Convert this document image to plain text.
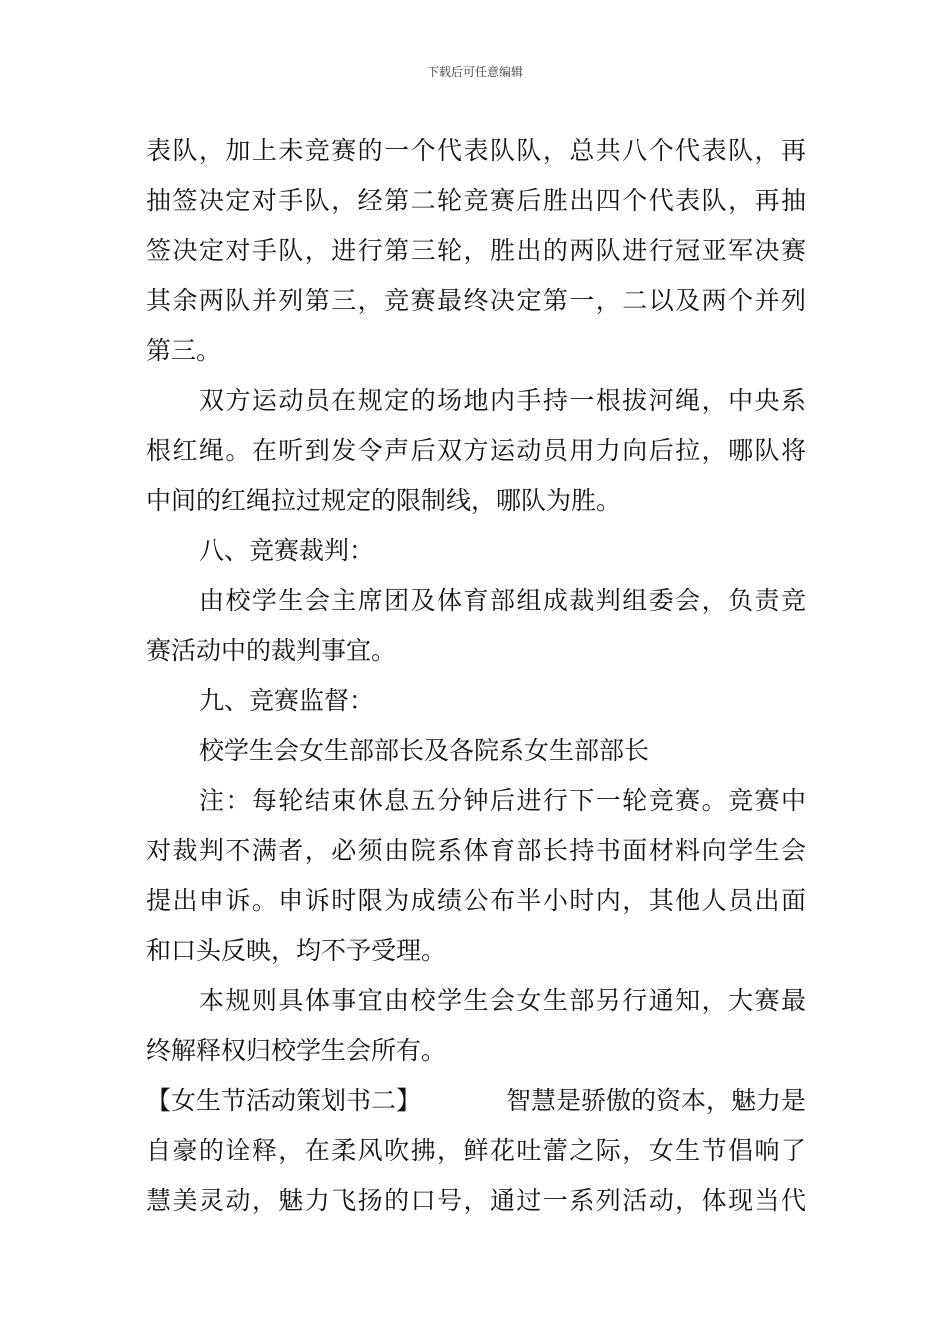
下载后可任意编辑
表队，加上未竞赛的一个代表队队，总共八个代表队，再
抽签决定对手队，经第二轮竞赛后胜出四个代表队，再抽
签决定对手队，进行第三轮，胜出的两队进行冠亚军决赛
其余两队并列第三，竞赛最终决定第一，二以及两个并列
第三。
双方运动员在规定的场地内手持一根拔河绳，中央系
根红绳。在听到发令声后双方运动员用力向后拉，哪队将
中间的红绳拉过规定的限制线，哪队为胜。
八、竞赛裁判：
由校学生会主席团及体育部组成裁判组委会，负责竞
赛活动中的裁判事宜。
九、竞赛监督：
校学生会女生部部长及各院系女生部部长
注：每轮结束休息五分钟后进行下一轮竞赛。竞赛中
对裁判不满者，必须由院系体育部长持书面材料向学生会
提出申诉。申诉时限为成绩公布半小时内，其他人员出面
和口头反映，均不予受理。
本规则具体事宜由校学生会女生部另行通知，大赛最
终解释权归校学生会所有。
【女生节活动策划书二】	智慧是骄傲的资本，魅力是
自豪的诠释，在柔风吹拂，鲜花吐蕾之际，女生节倡响了
慧美灵动，魅力飞扬的口号，通过一系列活动，体现当代
